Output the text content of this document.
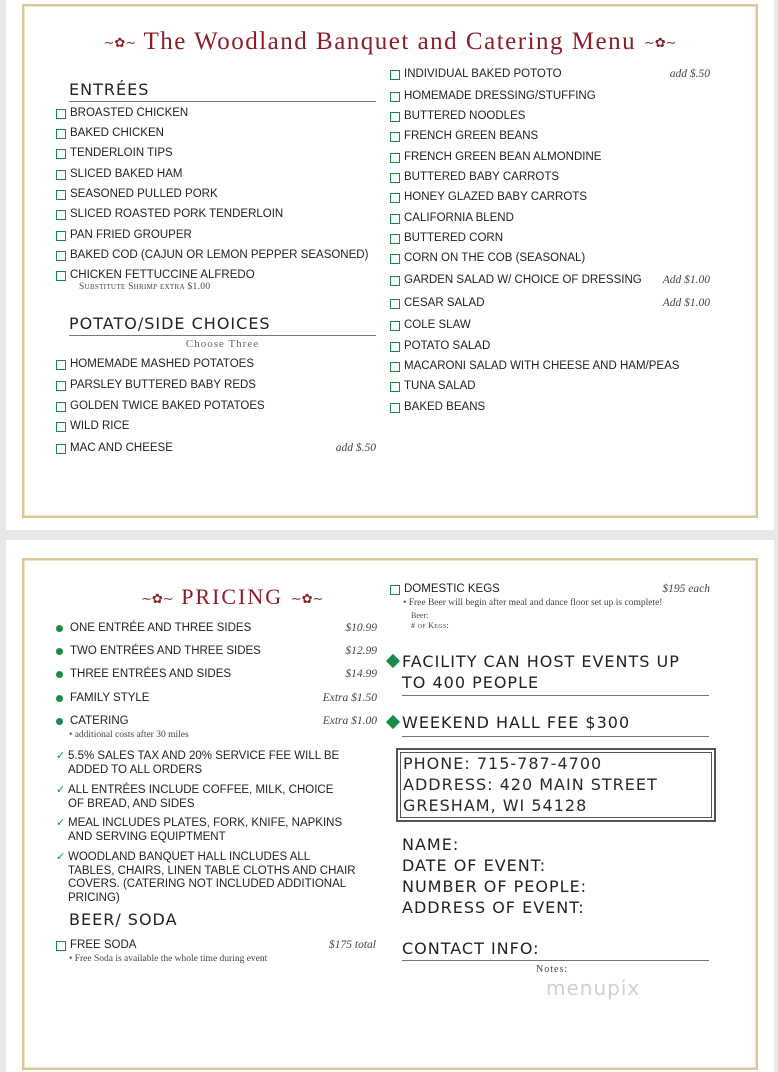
∼✿∼ The Woodland Banquet and Catering Menu ∼✿∼
ENTRÉES
BROASTED CHICKEN
BAKED CHICKEN
TENDERLOIN TIPS
SLICED BAKED HAM
SEASONED PULLED PORK
SLICED ROASTED PORK TENDERLOIN
PAN FRIED GROUPER
BAKED COD (CAJUN OR LEMON PEPPER SEASONED)
CHICKEN FETTUCCINE ALFREDO
Substitute Shrimp extra $1.00
POTATO/SIDE CHOICES
Choose Three
HOMEMADE MASHED POTATOES
PARSLEY BUTTERED BABY REDS
GOLDEN TWICE BAKED POTATOES
WILD RICE
MAC AND CHEESE	add $.50
INDIVIDUAL BAKED POTOTO	add $.50
HOMEMADE DRESSING/STUFFING
BUTTERED NOODLES
FRENCH GREEN BEANS
FRENCH GREEN BEAN ALMONDINE
BUTTERED BABY CARROTS
HONEY GLAZED BABY CARROTS
CALIFORNIA BLEND
BUTTERED CORN
CORN ON THE COB (SEASONAL)
GARDEN SALAD W/ CHOICE OF DRESSING Add $1.00
CESAR SALAD	Add $1.00
COLE SLAW
POTATO SALAD
MACARONI SALAD WITH CHEESE AND HAM/PEAS
TUNA SALAD
BAKED BEANS
∼✿∼ PRICING ∼✿∼
ONE ENTRÉE AND THREE SIDES	$10.99
TWO ENTRÉES AND THREE SIDES	$12.99
THREE ENTRÉES AND SIDES	$14.99
FAMILY STYLE	Extra $1.50
CATERING	Extra $1.00
• additional costs after 30 miles
✓ 5.5% SALES TAX AND 20% SERVICE FEE WILL BE ADDED TO ALL ORDERS
✓ ALL ENTRÉES INCLUDE COFFEE, MILK, CHOICE OF BREAD, AND SIDES
✓ MEAL INCLUDES PLATES, FORK, KNIFE, NAPKINS AND SERVING EQUIPTMENT
✓ WOODLAND BANQUET HALL INCLUDES ALL TABLES, CHAIRS, LINEN TABLE CLOTHS AND CHAIR COVERS. (CATERING NOT INCLUDED ADDITIONAL PRICING)
BEER/ SODA
FREE SODA	$175 total
• Free Soda is available the whole time during event
DOMESTIC KEGS	$195 each
• Free Beer will begin after meal and dance floor set up is complete!
Beer:
# of Kegs:
FACILITY CAN HOST EVENTS UP
TO 400 PEOPLE
WEEKEND HALL FEE $300
PHONE: 715-787-4700
ADDRESS: 420 MAIN STREET
GRESHAM, WI 54128
NAME:
DATE OF EVENT:
NUMBER OF PEOPLE:
ADDRESS OF EVENT:
CONTACT INFO:
Notes:
menupix
